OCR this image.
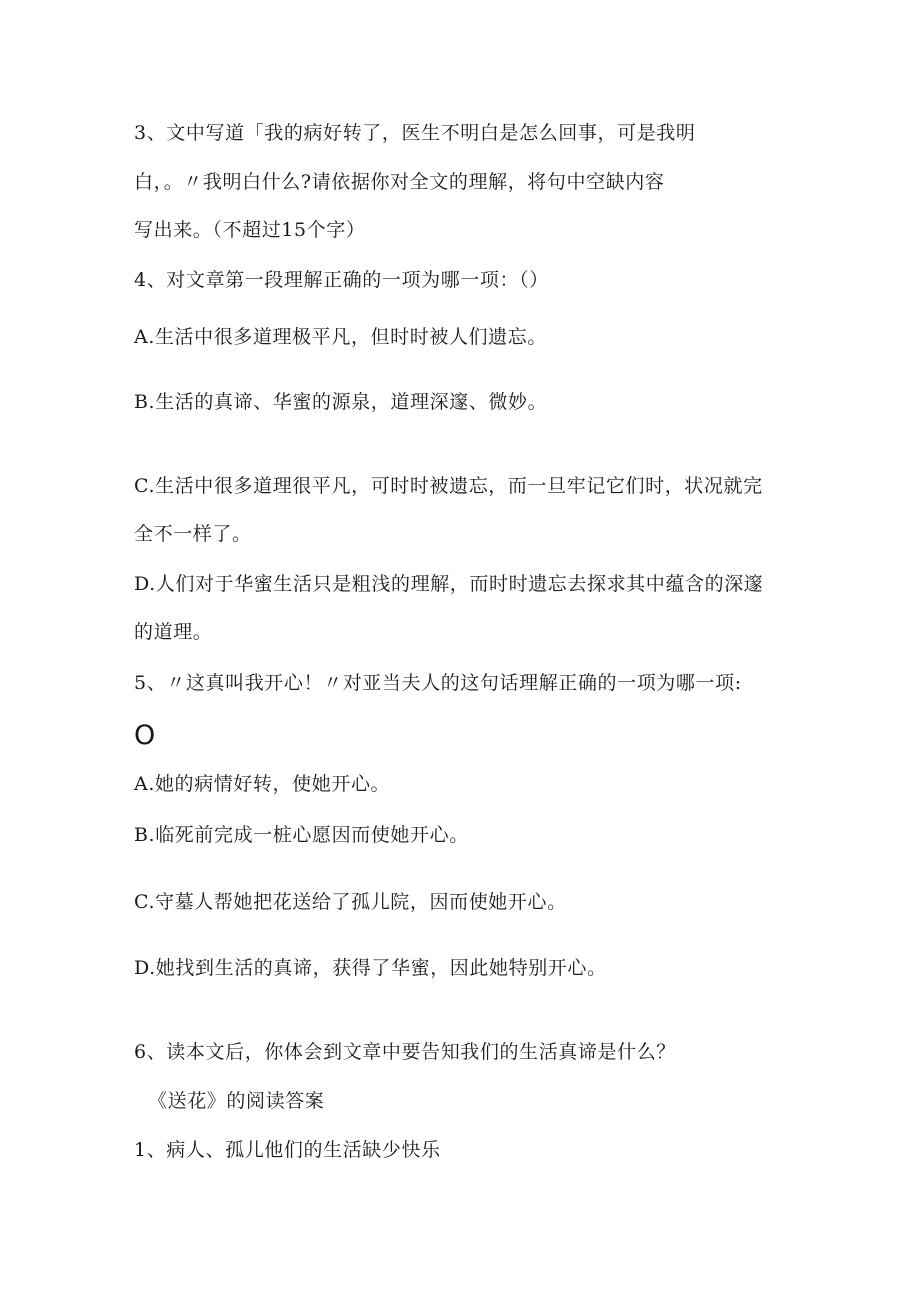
3、文中写道「我的病好转了，医生不明白是怎么回事，可是我明
白，。〃我明白什么?请依据你对全文的理解，将句中空缺内容
写出来。（不超过15个字）
4、对文章第一段理解正确的一项为哪一项：（）
A.生活中很多道理极平凡，但时时被人们遗忘。
B.生活的真谛、华蜜的源泉，道理深邃、微妙。
C.生活中很多道理很平凡，可时时被遗忘，而一旦牢记它们时，状况就完
全不一样了。
D.人们对于华蜜生活只是粗浅的理解，而时时遗忘去探求其中蕴含的深邃
的道理。
5、〃这真叫我开心！〃对亚当夫人的这句话理解正确的一项为哪一项:
O
A.她的病情好转，使她开心。
B.临死前完成一桩心愿因而使她开心。
C.守墓人帮她把花送给了孤儿院，因而使她开心。
D.她找到生活的真谛，获得了华蜜，因此她特别开心。
6、读本文后，你体会到文章中要告知我们的生活真谛是什么？
《送花》的阅读答案
1、病人、孤儿他们的生活缺少快乐
